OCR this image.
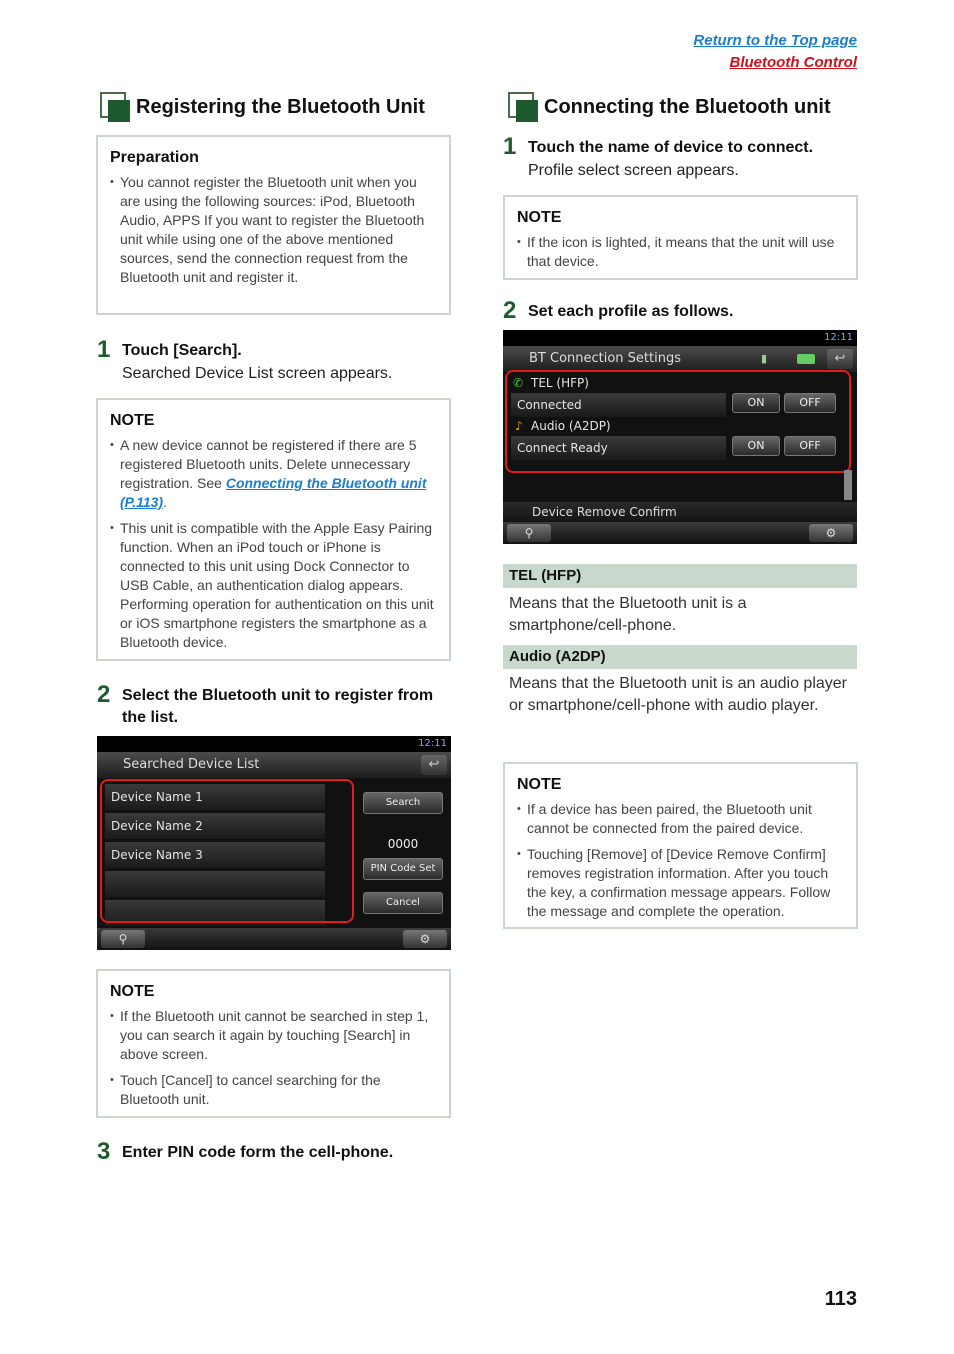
Return to the Top page
Bluetooth Control
Registering the Bluetooth Unit
Preparation
• You cannot register the Bluetooth unit when you are using the following sources: iPod, Bluetooth Audio, APPS If you want to register the Bluetooth unit while using one of the above mentioned sources, send the connection request from the Bluetooth unit and register it.
1 Touch [Search].
Searched Device List screen appears.
NOTE
• A new device cannot be registered if there are 5 registered Bluetooth units. Delete unnecessary registration. See Connecting the Bluetooth unit (P.113).
• This unit is compatible with the Apple Easy Pairing function. When an iPod touch or iPhone is connected to this unit using Dock Connector to USB Cable, an authentication dialog appears. Performing operation for authentication on this unit or iOS smartphone registers the smartphone as a Bluetooth device.
2 Select the Bluetooth unit to register from the list.
12:11
Searched Device List	↩
Device Name 1
Device Name 2
Device Name 3
Search
0000
PIN Code Set
Cancel
⚲	⚙
NOTE
• If the Bluetooth unit cannot be searched in step 1, you can search it again by touching [Search] in above screen.
• Touch [Cancel] to cancel searching for the Bluetooth unit.
3 Enter PIN code form the cell-phone.
Connecting the Bluetooth unit
1 Touch the name of device to connect.
Profile select screen appears.
NOTE
• If the icon is lighted, it means that the unit will use that device.
2 Set each profile as follows.
12:11
BT Connection Settings	▮	↩
✆ TEL (HFP)
Connected	ON	OFF
♪ Audio (A2DP)
Connect Ready	ON	OFF
Device Remove Confirm
⚲	⚙
TEL (HFP)
Means that the Bluetooth unit is a smartphone/cell-phone.
Audio (A2DP)
Means that the Bluetooth unit is an audio player or smartphone/cell-phone with audio player.
NOTE
• If a device has been paired, the Bluetooth unit cannot be connected from the paired device.
• Touching [Remove] of [Device Remove Confirm] removes registration information. After you touch the key, a confirmation message appears. Follow the message and complete the operation.
113
